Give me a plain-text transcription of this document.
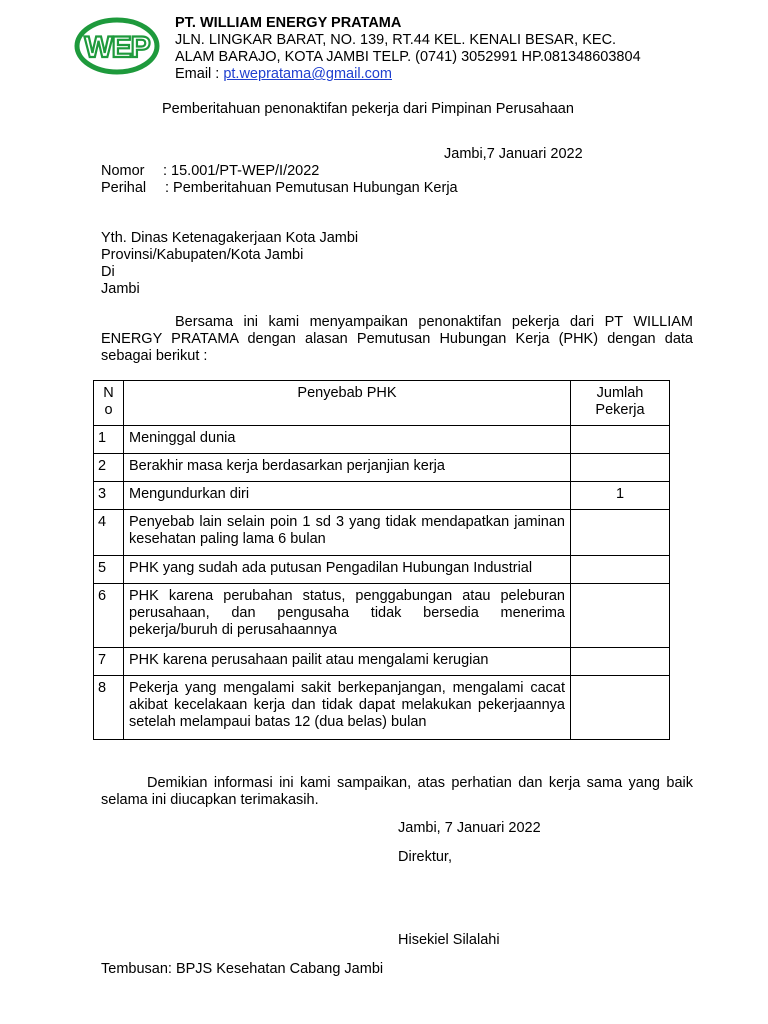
WEP
PT. WILLIAM ENERGY PRATAMA
JLN. LINGKAR BARAT, NO. 139, RT.44 KEL. KENALI BESAR, KEC.
ALAM BARAJO, KOTA JAMBI TELP. (0741) 3052991 HP.081348603804
Email : pt.wepratama@gmail.com
Pemberitahuan penonaktifan pekerja dari Pimpinan Perusahaan
Jambi,7 Januari 2022
Nomor : 15.001/PT-WEP/I/2022
Perihal : Pemberitahuan Pemutusan Hubungan Kerja
Yth. Dinas Ketenagakerjaan Kota Jambi
Provinsi/Kabupaten/Kota Jambi
Di
Jambi
Bersama ini kami menyampaikan penonaktifan pekerja dari PT WILLIAM ENERGY PRATAMA dengan alasan Pemutusan Hubungan Kerja (PHK) dengan data sebagai berikut :
N o	Penyebab PHK	Jumlah Pekerja
1	Meninggal dunia	
2	Berakhir masa kerja berdasarkan perjanjian kerja	
3	Mengundurkan diri	1
4	Penyebab lain selain poin 1 sd 3 yang tidak mendapatkan jaminan kesehatan paling lama 6 bulan	
5	PHK yang sudah ada putusan Pengadilan Hubungan Industrial	
6	PHK karena perubahan status, penggabungan atau peleburan perusahaan, dan pengusaha tidak bersedia menerima pekerja/buruh di perusahaannya	
7	PHK karena perusahaan pailit atau mengalami kerugian	
8	Pekerja yang mengalami sakit berkepanjangan, mengalami cacat akibat kecelakaan kerja dan tidak dapat melakukan pekerjaannya setelah melampaui batas 12 (dua belas) bulan	
Demikian informasi ini kami sampaikan, atas perhatian dan kerja sama yang baik selama ini diucapkan terimakasih.
Jambi, 7 Januari 2022
Direktur,
Hisekiel Silalahi
Tembusan: BPJS Kesehatan Cabang Jambi
